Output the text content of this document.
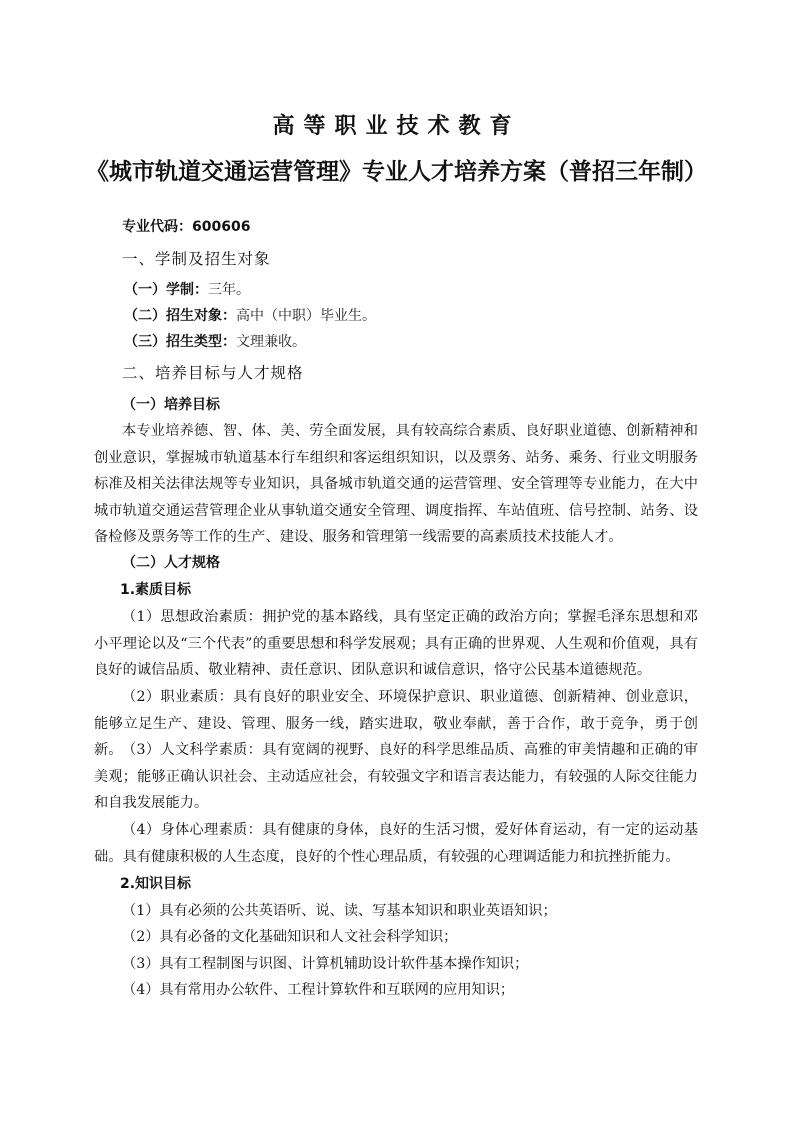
高等职业技术教育
《城市轨道交通运营管理》专业人才培养方案（普招三年制）
专业代码：600606
一、学制及招生对象
（一）学制：三年。
（二）招生对象：高中（中职）毕业生。
（三）招生类型：文理兼收。
二、培养目标与人才规格
（一）培养目标
本专业培养德、智、体、美、劳全面发展，具有较高综合素质、良好职业道德、创新精神和创业意识，掌握城市轨道基本行车组织和客运组织知识，以及票务、站务、乘务、行业文明服务标准及相关法律法规等专业知识，具备城市轨道交通的运营管理、安全管理等专业能力，在大中城市轨道交通运营管理企业从事轨道交通安全管理、调度指挥、车站值班、信号控制、站务、设备检修及票务等工作的生产、建设、服务和管理第一线需要的高素质技术技能人才。
（二）人才规格
1.素质目标
（1）思想政治素质：拥护党的基本路线，具有坚定正确的政治方向；掌握毛泽东思想和邓小平理论以及“三个代表”的重要思想和科学发展观；具有正确的世界观、人生观和价值观，具有良好的诚信品质、敬业精神、责任意识、团队意识和诚信意识，恪守公民基本道德规范。
（2）职业素质：具有良好的职业安全、环境保护意识、职业道德、创新精神、创业意识，能够立足生产、建设、管理、服务一线，踏实进取，敬业奉献，善于合作，敢于竞争，勇于创新。 （3）人文科学素质：具有宽阔的视野、良好的科学思维品质、高雅的审美情趣和正确的审美观；能够正确认识社会、主动适应社会，有较强文字和语言表达能力，有较强的人际交往能力和自我发展能力。
（4）身体心理素质：具有健康的身体，良好的生活习惯，爱好体育运动，有一定的运动基础。具有健康积极的人生态度，良好的个性心理品质，有较强的心理调适能力和抗挫折能力。
2.知识目标
（1）具有必须的公共英语听、说、读、写基本知识和职业英语知识；
（2）具有必备的文化基础知识和人文社会科学知识；
（3）具有工程制图与识图、计算机辅助设计软件基本操作知识；
（4）具有常用办公软件、工程计算软件和互联网的应用知识；
